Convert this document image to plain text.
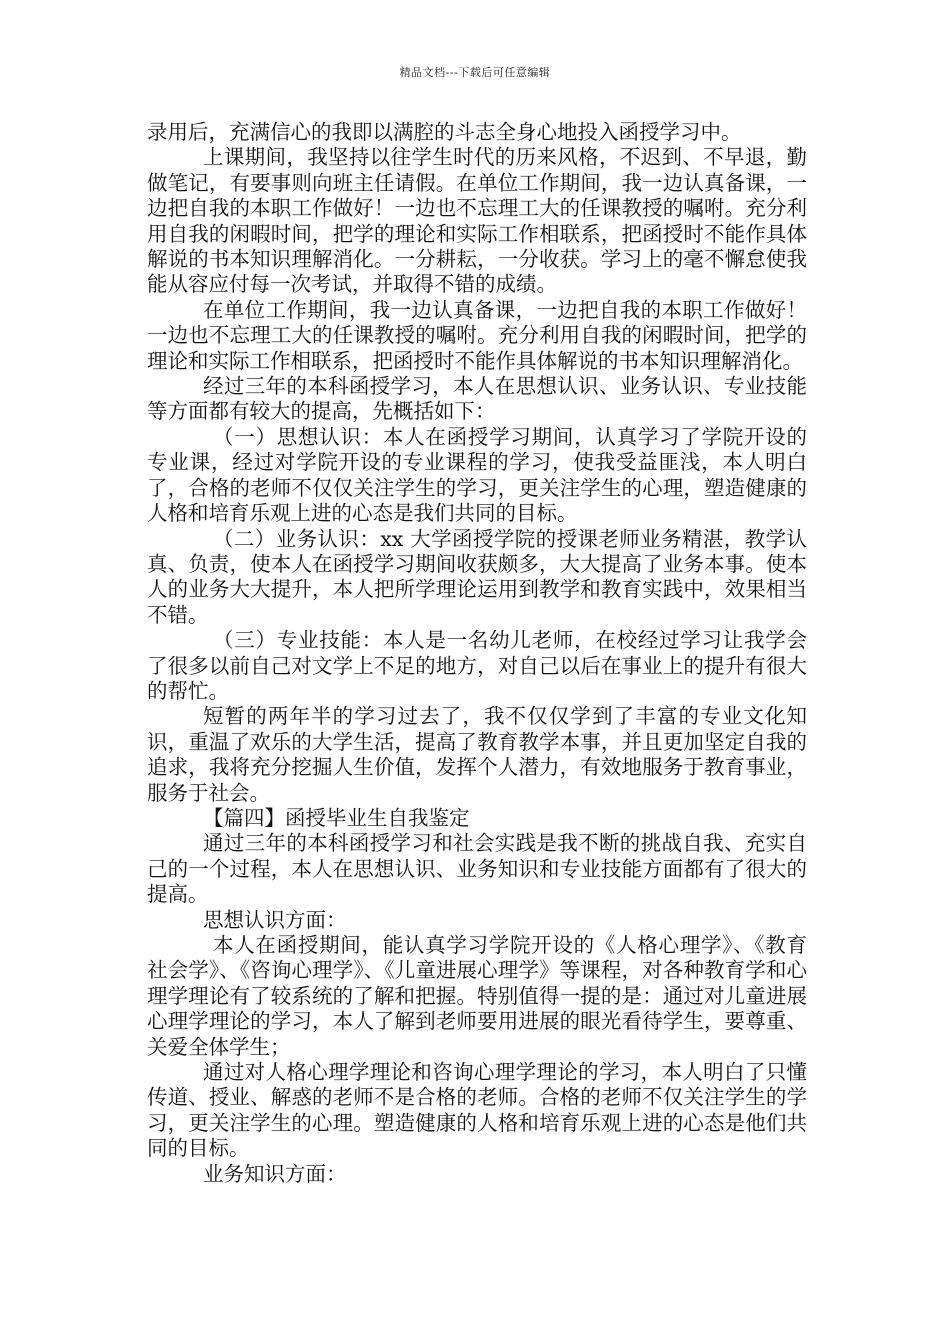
精品文档---下载后可任意编辑

录用后，充满信心的我即以满腔的斗志全身心地投入函授学习中。

上课期间，我坚持以往学生时代的历来风格，不迟到、不早退，勤做笔记，有要事则向班主任请假。在单位工作期间，我一边认真备课，一边把自我的本职工作做好！一边也不忘理工大的任课教授的嘱咐。充分利用自我的闲暇时间，把学的理论和实际工作相联系，把函授时不能作具体解说的书本知识理解消化。一分耕耘，一分收获。学习上的毫不懈怠使我能从容应付每一次考试，并取得不错的成绩。

在单位工作期间，我一边认真备课，一边把自我的本职工作做好！一边也不忘理工大的任课教授的嘱咐。充分利用自我的闲暇时间，把学的理论和实际工作相联系，把函授时不能作具体解说的书本知识理解消化。

经过三年的本科函授学习，本人在思想认识、业务认识、专业技能等方面都有较大的提高，先概括如下：

（一）思想认识：本人在函授学习期间，认真学习了学院开设的专业课，经过对学院开设的专业课程的学习，使我受益匪浅，本人明白了，合格的老师不仅仅关注学生的学习，更关注学生的心理，塑造健康的人格和培育乐观上进的心态是我们共同的目标。

（二）业务认识：xx 大学函授学院的授课老师业务精湛，教学认真、负责，使本人在函授学习期间收获颇多，大大提高了业务本事。使本人的业务大大提升，本人把所学理论运用到教学和教育实践中，效果相当不错。

（三）专业技能：本人是一名幼儿老师，在校经过学习让我学会了很多以前自己对文学上不足的地方，对自己以后在事业上的提升有很大的帮忙。

短暂的两年半的学习过去了，我不仅仅学到了丰富的专业文化知识，重温了欢乐的大学生活，提高了教育教学本事，并且更加坚定自我的追求，我将充分挖掘人生价值，发挥个人潜力，有效地服务于教育事业，服务于社会。

【篇四】函授毕业生自我鉴定

通过三年的本科函授学习和社会实践是我不断的挑战自我、充实自己的一个过程，本人在思想认识、业务知识和专业技能方面都有了很大的提高。

思想认识方面：

本人在函授期间，能认真学习学院开设的《人格心理学》、《教育社会学》、《咨询心理学》、《儿童进展心理学》等课程，对各种教育学和心理学理论有了较系统的了解和把握。特别值得一提的是：通过对儿童进展心理学理论的学习，本人了解到老师要用进展的眼光看待学生，要尊重、关爱全体学生；

通过对人格心理学理论和咨询心理学理论的学习，本人明白了只懂传道、授业、解惑的老师不是合格的老师。合格的老师不仅关注学生的学习，更关注学生的心理。塑造健康的人格和培育乐观上进的心态是他们共同的目标。

业务知识方面：
